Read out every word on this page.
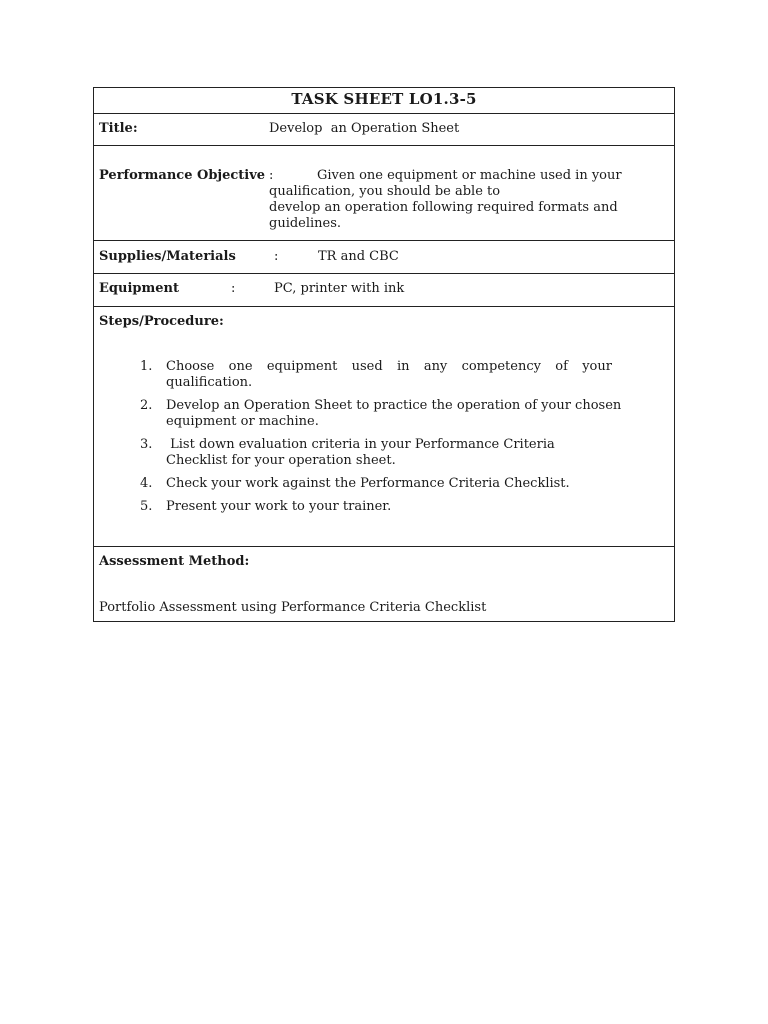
TASK SHEET LO1.3-5
Title:	Develop  an Operation Sheet
Performance Objective :	Given one equipment or machine used in your
qualification, you should be able to
develop an operation following required formats and
guidelines.
Supplies/Materials	:	TR and CBC
Equipment	:	PC, printer with ink
Steps/Procedure:
1. Choose one equipment used in any competency of your
qualification.
2. Develop an Operation Sheet to practice the operation of your chosen
equipment or machine.
3. List down evaluation criteria in your Performance Criteria
Checklist for your operation sheet.
4. Check your work against the Performance Criteria Checklist.
5. Present your work to your trainer.
Assessment Method:
Portfolio Assessment using Performance Criteria Checklist
